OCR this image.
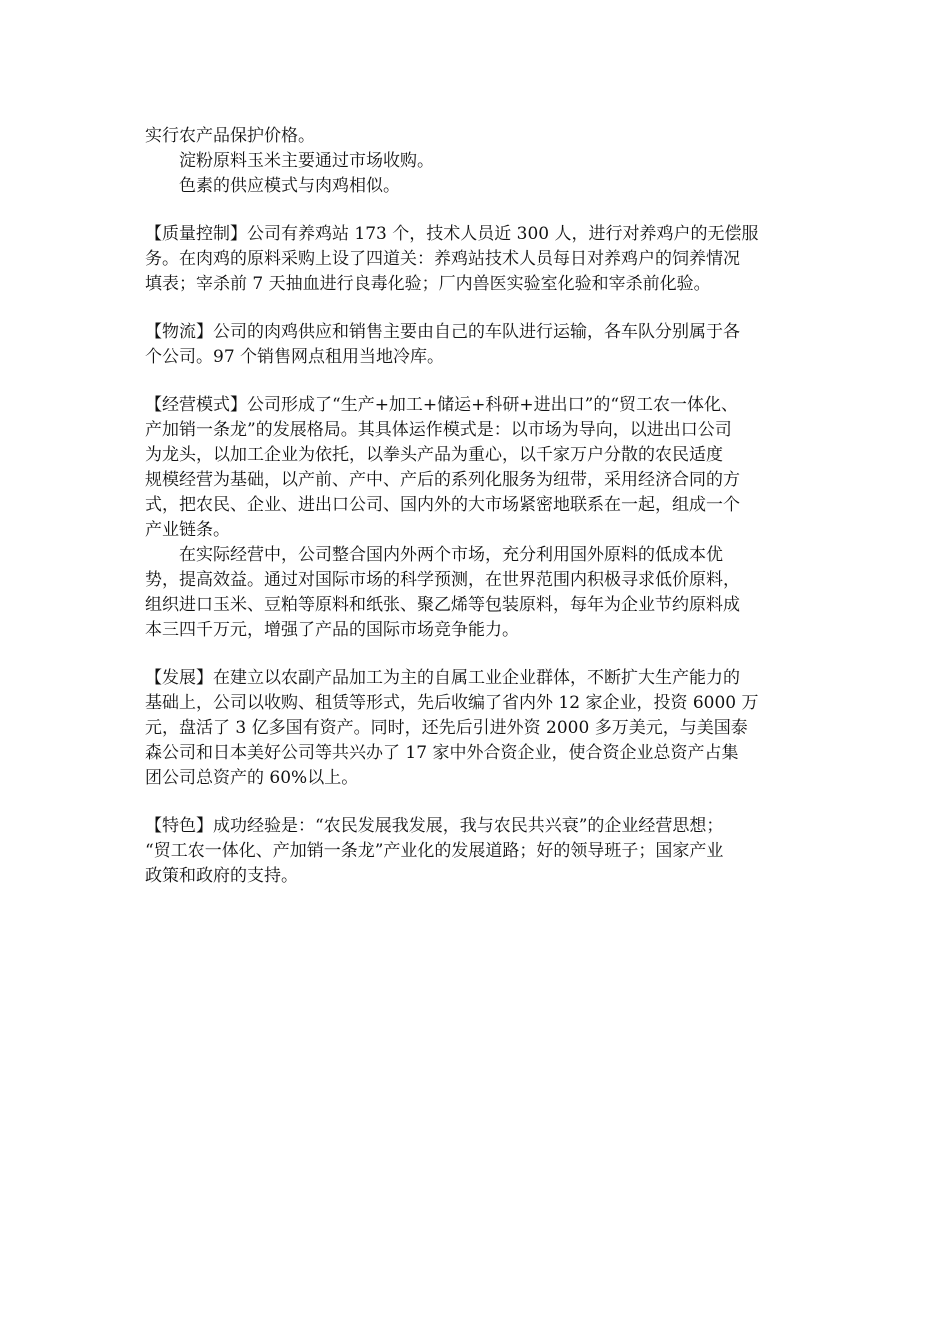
实行农产品保护价格。
淀粉原料玉米主要通过市场收购。
色素的供应模式与肉鸡相似。
【质量控制】公司有养鸡站 173 个，技术人员近 300 人，进行对养鸡户的无偿服
务。在肉鸡的原料采购上设了四道关：养鸡站技术人员每日对养鸡户的饲养情况
填表；宰杀前 7 天抽血进行良毒化验；厂内兽医实验室化验和宰杀前化验。
【物流】公司的肉鸡供应和销售主要由自己的车队进行运输，各车队分别属于各
个公司。97 个销售网点租用当地冷库。
【经营模式】公司形成了“生产+加工+储运+科研+进出口”的“贸工农一体化、
产加销一条龙”的发展格局。其具体运作模式是：以市场为导向，以进出口公司
为龙头，以加工企业为依托，以拳头产品为重心，以千家万户分散的农民适度
规模经营为基础，以产前、产中、产后的系列化服务为纽带，采用经济合同的方
式，把农民、企业、进出口公司、国内外的大市场紧密地联系在一起，组成一个
产业链条。
在实际经营中，公司整合国内外两个市场，充分利用国外原料的低成本优
势，提高效益。通过对国际市场的科学预测，在世界范围内积极寻求低价原料，
组织进口玉米、豆粕等原料和纸张、聚乙烯等包装原料，每年为企业节约原料成
本三四千万元，增强了产品的国际市场竞争能力。
【发展】在建立以农副产品加工为主的自属工业企业群体，不断扩大生产能力的
基础上，公司以收购、租赁等形式，先后收编了省内外 12 家企业，投资 6000 万
元，盘活了 3 亿多国有资产。同时，还先后引进外资 2000 多万美元，与美国泰
森公司和日本美好公司等共兴办了 17 家中外合资企业，使合资企业总资产占集
团公司总资产的 60%以上。
【特色】成功经验是：“农民发展我发展，我与农民共兴衰”的企业经营思想；
“贸工农一体化、产加销一条龙”产业化的发展道路；好的领导班子；国家产业
政策和政府的支持。
